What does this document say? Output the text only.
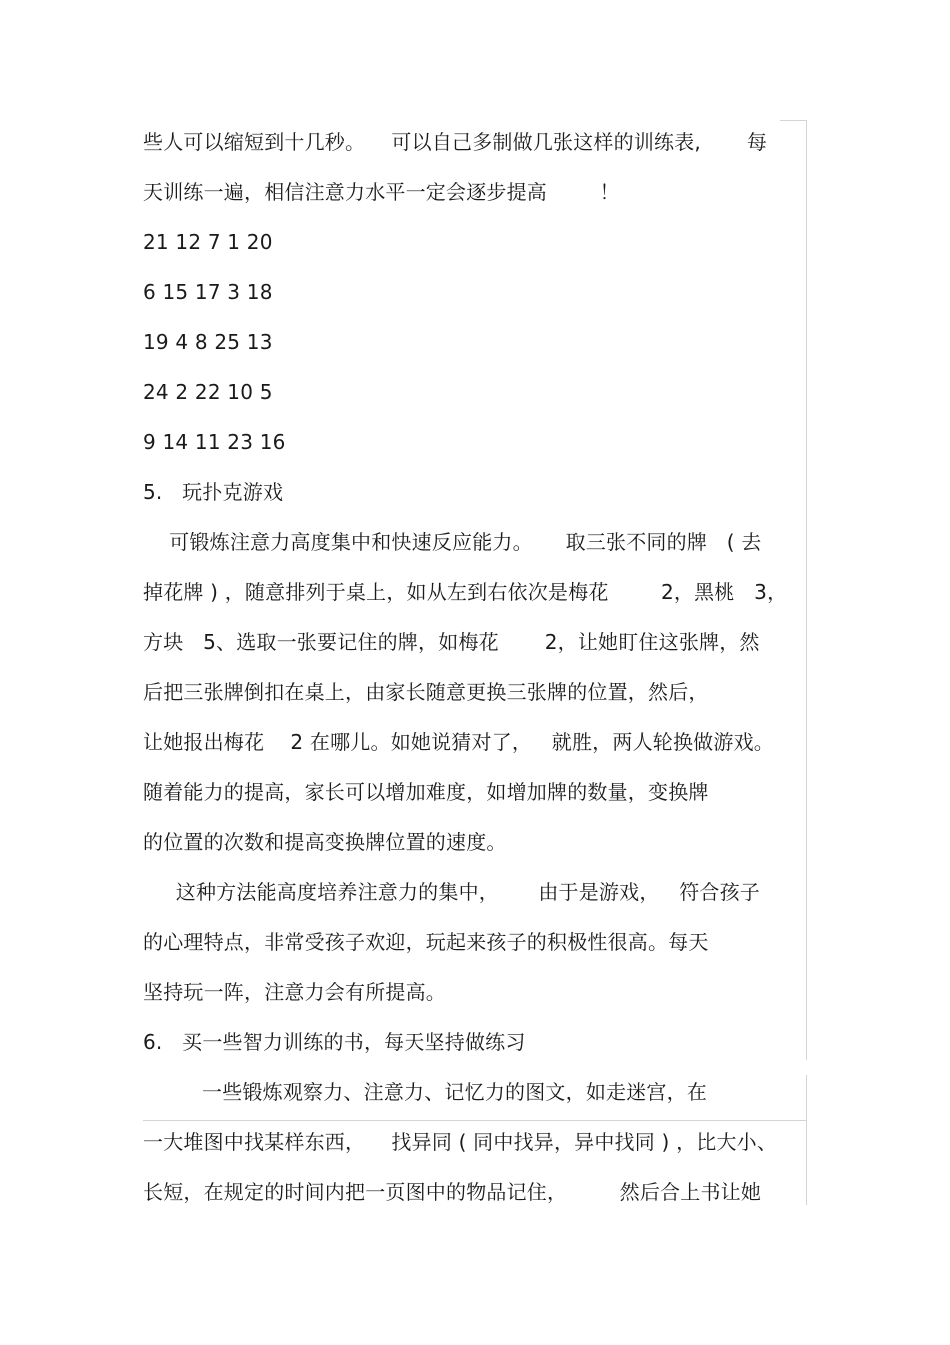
些人可以缩短到十几秒。    可以自己多制做几张这样的训练表,       每
天训练一遍，相信注意力水平一定会逐步提高        ！
21 12 7 1 20
6 15 17 3 18
19 4 8 25 13
24 2 22 10 5
9 14 11 23 16
5.   玩扑克游戏
可锻炼注意力高度集中和快速反应能力。     取三张不同的牌   ( 去
掉花牌 ) ，随意排列于桌上，如从左到右依次是梅花        2，黑桃   3，
方块   5、选取一张要记住的牌，如梅花       2，让她盯住这张牌，然
后把三张牌倒扣在桌上，由家长随意更换三张牌的位置，然后，
让她报出梅花    2 在哪儿。如她说猜对了，   就胜，两人轮换做游戏。
随着能力的提高，家长可以增加难度，如增加牌的数量，变换牌
的位置的次数和提高变换牌位置的速度。
这种方法能高度培养注意力的集中，      由于是游戏，   符合孩子
的心理特点，非常受孩子欢迎，玩起来孩子的积极性很高。每天
坚持玩一阵，注意力会有所提高。
6.   买一些智力训练的书，每天坚持做练习
一些锻炼观察力、注意力、记忆力的图文，如走迷宫，在
一大堆图中找某样东西，    找异同 ( 同中找异，异中找同 ) ，比大小、
长短，在规定的时间内把一页图中的物品记住，        然后合上书让她
